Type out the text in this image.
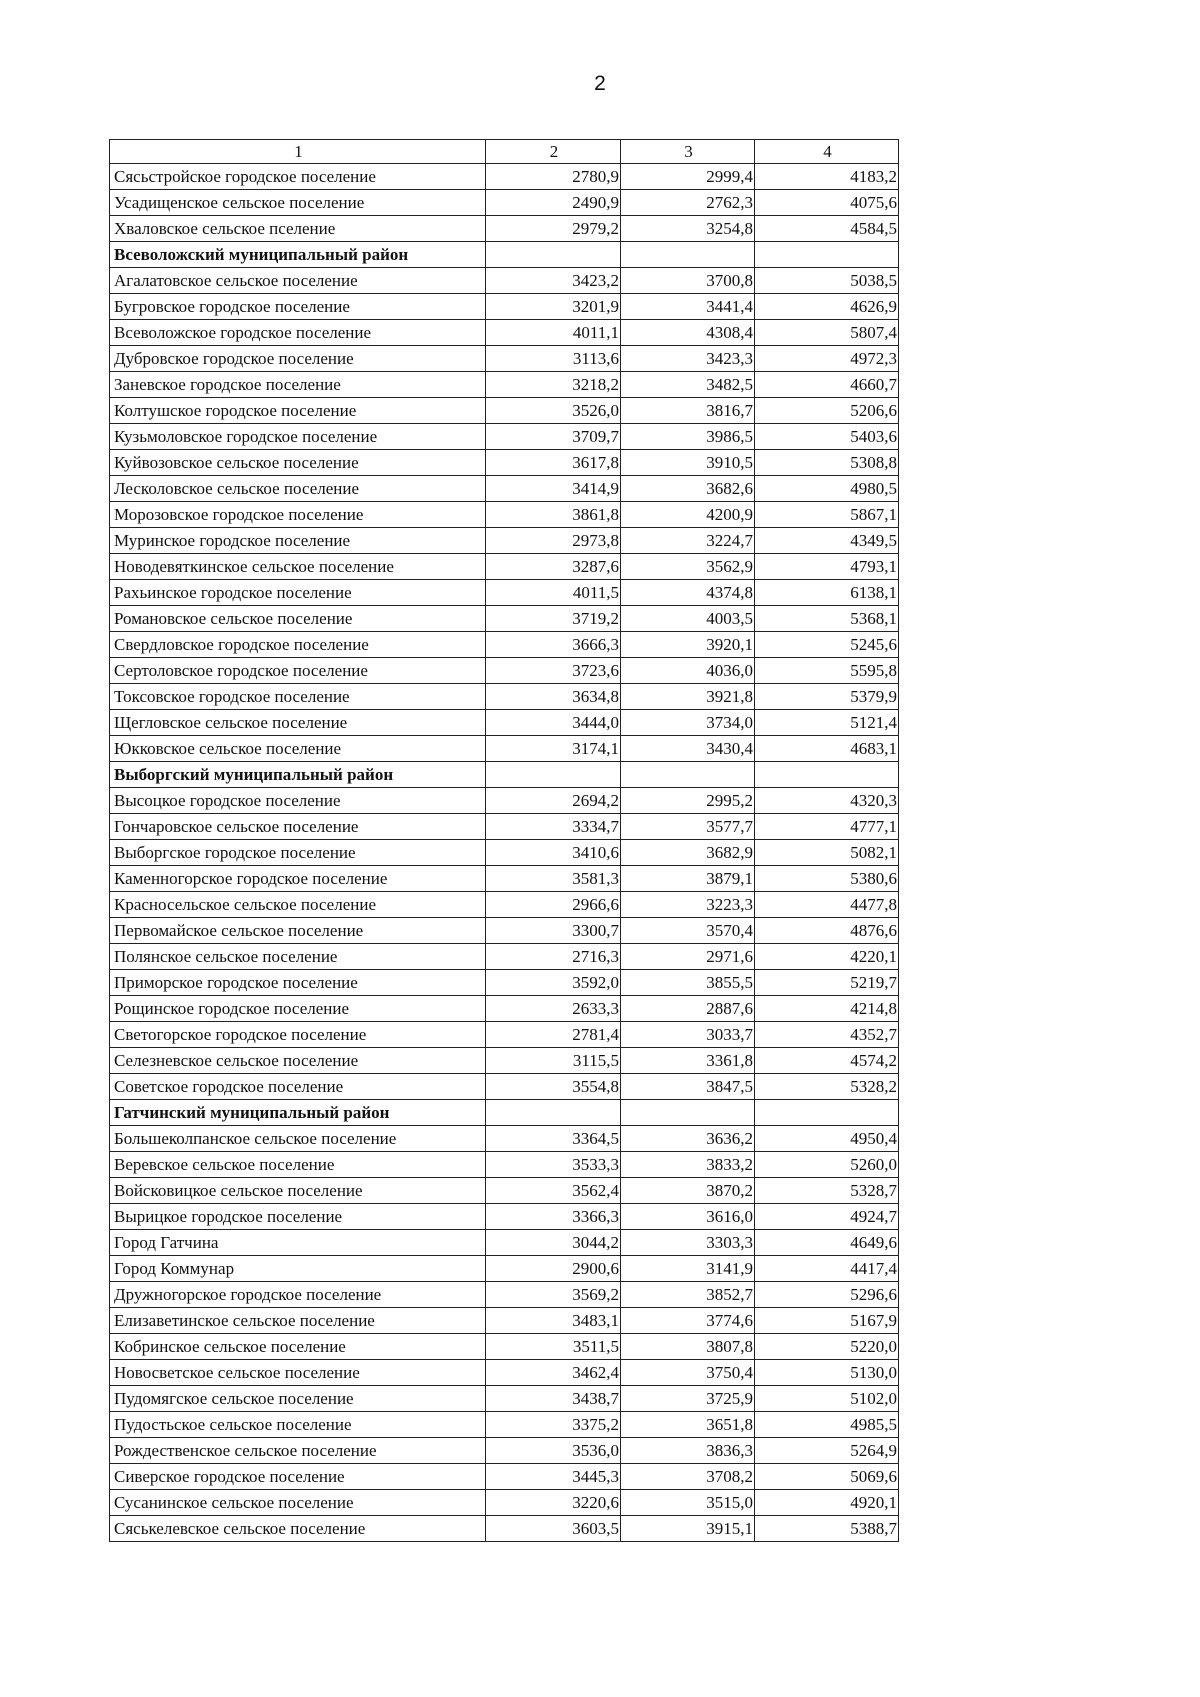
2
1	2	3	4
Сясьстройское городское поселение	2780,9	2999,4	4183,2
Усадищенское сельское поселение	2490,9	2762,3	4075,6
Хваловское сельское пселение	2979,2	3254,8	4584,5
Всеволожский муниципальный район			
Агалатовское сельское поселение	3423,2	3700,8	5038,5
Бугровское городское поселение	3201,9	3441,4	4626,9
Всеволожское городское поселение	4011,1	4308,4	5807,4
Дубровское городское поселение	3113,6	3423,3	4972,3
Заневское городское поселение	3218,2	3482,5	4660,7
Колтушское городское поселение	3526,0	3816,7	5206,6
Кузьмоловское городское поселение	3709,7	3986,5	5403,6
Куйвозовское сельское поселение	3617,8	3910,5	5308,8
Лесколовское сельское поселение	3414,9	3682,6	4980,5
Морозовское городское поселение	3861,8	4200,9	5867,1
Муринское городское поселение	2973,8	3224,7	4349,5
Новодевяткинское сельское поселение	3287,6	3562,9	4793,1
Рахьинское городское поселение	4011,5	4374,8	6138,1
Романовское сельское поселение	3719,2	4003,5	5368,1
Свердловское городское поселение	3666,3	3920,1	5245,6
Сертоловское городское поселение	3723,6	4036,0	5595,8
Токсовское городское поселение	3634,8	3921,8	5379,9
Щегловское сельское поселение	3444,0	3734,0	5121,4
Юкковское сельское поселение	3174,1	3430,4	4683,1
Выборгский муниципальный район			
Высоцкое городское поселение	2694,2	2995,2	4320,3
Гончаровское сельское поселение	3334,7	3577,7	4777,1
Выборгское городское поселение	3410,6	3682,9	5082,1
Каменногорское городское поселение	3581,3	3879,1	5380,6
Красносельское сельское поселение	2966,6	3223,3	4477,8
Первомайское сельское поселение	3300,7	3570,4	4876,6
Полянское сельское поселение	2716,3	2971,6	4220,1
Приморское городское поселение	3592,0	3855,5	5219,7
Рощинское городское поселение	2633,3	2887,6	4214,8
Светогорское городское поселение	2781,4	3033,7	4352,7
Селезневское сельское поселение	3115,5	3361,8	4574,2
Советское городское поселение	3554,8	3847,5	5328,2
Гатчинский муниципальный район			
Большеколпанское сельское поселение	3364,5	3636,2	4950,4
Веревское сельское поселение	3533,3	3833,2	5260,0
Войсковицкое сельское поселение	3562,4	3870,2	5328,7
Вырицкое городское поселение	3366,3	3616,0	4924,7
Город Гатчина	3044,2	3303,3	4649,6
Город Коммунар	2900,6	3141,9	4417,4
Дружногорское городское поселение	3569,2	3852,7	5296,6
Елизаветинское сельское поселение	3483,1	3774,6	5167,9
Кобринское сельское поселение	3511,5	3807,8	5220,0
Новосветское сельское поселение	3462,4	3750,4	5130,0
Пудомягское сельское поселение	3438,7	3725,9	5102,0
Пудостьское сельское поселение	3375,2	3651,8	4985,5
Рождественское сельское поселение	3536,0	3836,3	5264,9
Сиверское городское поселение	3445,3	3708,2	5069,6
Сусанинское сельское поселение	3220,6	3515,0	4920,1
Сяськелевское сельское поселение	3603,5	3915,1	5388,7
